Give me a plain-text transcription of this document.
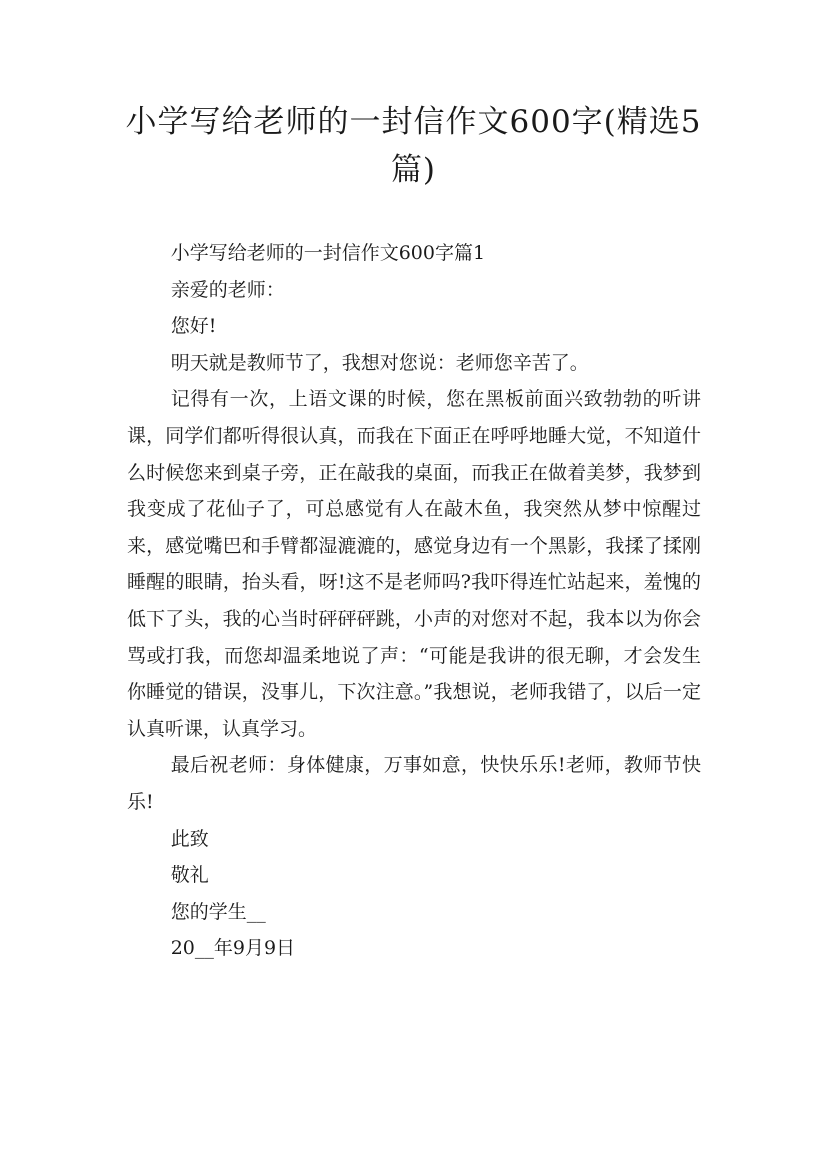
小学写给老师的一封信作文600字(精选5篇)

小学写给老师的一封信作文600字篇1

亲爱的老师：

您好!

明天就是教师节了，我想对您说：老师您辛苦了。

记得有一次，上语文课的时候，您在黑板前面兴致勃勃的听讲课，同学们都听得很认真，而我在下面正在呼呼地睡大觉，不知道什么时候您来到桌子旁，正在敲我的桌面，而我正在做着美梦，我梦到我变成了花仙子了，可总感觉有人在敲木鱼，我突然从梦中惊醒过来，感觉嘴巴和手臂都湿漉漉的，感觉身边有一个黑影，我揉了揉刚睡醒的眼睛，抬头看，呀!这不是老师吗?我吓得连忙站起来，羞愧的低下了头，我的心当时砰砰砰跳，小声的对您对不起，我本以为你会骂或打我，而您却温柔地说了声：“可能是我讲的很无聊，才会发生你睡觉的错误，没事儿，下次注意。”我想说，老师我错了，以后一定认真听课，认真学习。

最后祝老师：身体健康，万事如意，快快乐乐!老师，教师节快乐!

此致

敬礼

您的学生__

20__年9月9日
